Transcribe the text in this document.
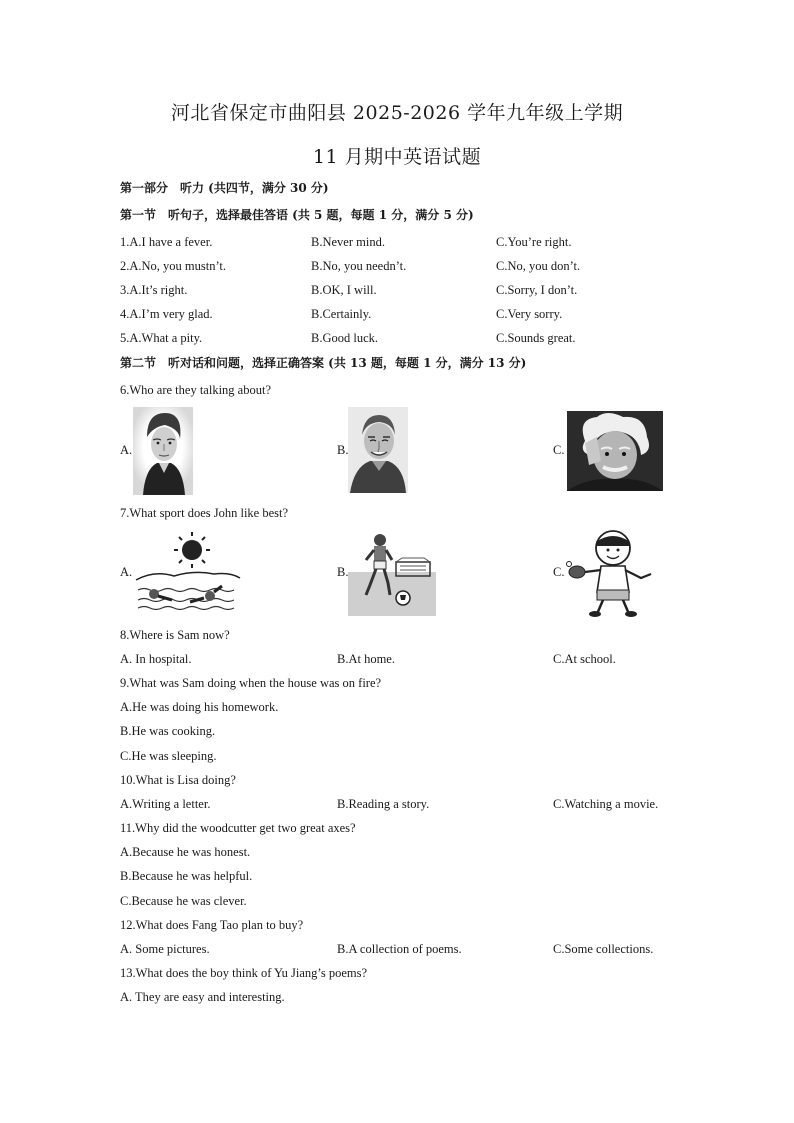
河北省保定市曲阳县 2025-2026 学年九年级上学期
11 月期中英语试题
第一部分　听力 (共四节，满分 30 分)
第一节　听句子，选择最佳答语 (共 5 题，每题 1 分，满分 5 分)
1.A.I have a fever.	B.Never mind.	C.You’re right.
2.A.No, you mustn’t.	B.No, you needn’t.	C.No, you don’t.
3.A.It’s right.	B.OK, I will.	C.Sorry, I don’t.
4.A.I’m very glad.	B.Certainly.	C.Very sorry.
5.A.What a pity.	B.Good luck.	C.Sounds great.
第二节　听对话和问题，选择正确答案 (共 13 题，每题 1 分，满分 13 分)
6.Who are they talking about?
A.	B.	C.
7.What sport does John like best?
A.	B.	C.
8.Where is Sam now?
A. In hospital.	B.At home.	C.At school.
9.What was Sam doing when the house was on fire?
A.He was doing his homework.
B.He was cooking.
C.He was sleeping.
10.What is Lisa doing?
A.Writing a letter.	B.Reading a story.	C.Watching a movie.
11.Why did the woodcutter get two great axes?
A.Because he was honest.
B.Because he was helpful.
C.Because he was clever.
12.What does Fang Tao plan to buy?
A. Some pictures.	B.A collection of poems.	C.Some collections.
13.What does the boy think of Yu Jiang’s poems?
A. They are easy and interesting.
